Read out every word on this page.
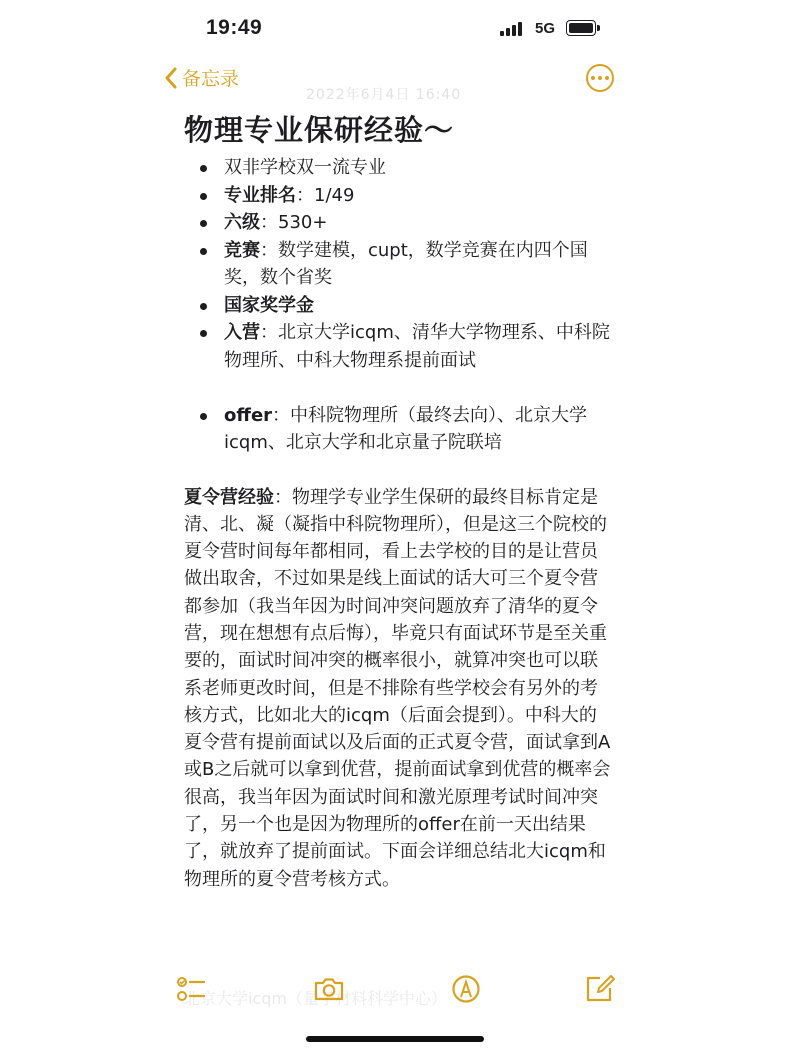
19:49	5G
备忘录
2022年6月4日 16:40
物理专业保研经验～
双非学校双一流专业
专业排名：1/49
六级：530+
竞赛：数学建模，cupt，数学竞赛在内四个国奖，数个省奖
国家奖学金
入营：北京大学icqm、清华大学物理系、中科院物理所、中科大物理系提前面试
offer：中科院物理所（最终去向）、北京大学icqm、北京大学和北京量子院联培
夏令营经验：物理学专业学生保研的最终目标肯定是清、北、凝（凝指中科院物理所），但是这三个院校的夏令营时间每年都相同，看上去学校的目的是让营员做出取舍，不过如果是线上面试的话大可三个夏令营都参加（我当年因为时间冲突问题放弃了清华的夏令营，现在想想有点后悔），毕竟只有面试环节是至关重要的，面试时间冲突的概率很小，就算冲突也可以联系老师更改时间，但是不排除有些学校会有另外的考核方式，比如北大的icqm（后面会提到）。中科大的夏令营有提前面试以及后面的正式夏令营，面试拿到A或B之后就可以拿到优营，提前面试拿到优营的概率会很高，我当年因为面试时间和激光原理考试时间冲突了，另一个也是因为物理所的offer在前一天出结果了，就放弃了提前面试。下面会详细总结北大icqm和物理所的夏令营考核方式。
北京大学icqm（量子材料科学中心）
